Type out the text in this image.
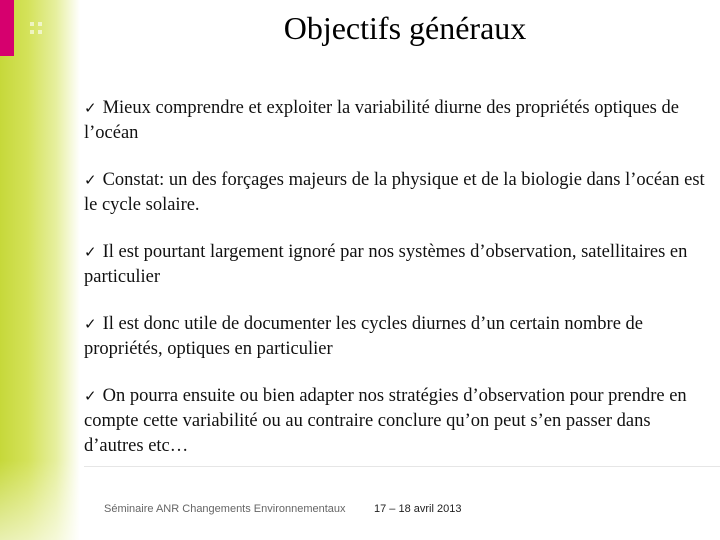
Objectifs généraux

✓ Mieux comprendre et exploiter la variabilité diurne des propriétés optiques de l’océan

✓ Constat: un des forçages majeurs de la physique et de la biologie dans l’océan est le cycle solaire.

✓ Il est pourtant largement ignoré par nos systèmes d’observation, satellitaires en particulier

✓ Il est donc utile de documenter les cycles diurnes d’un certain nombre de propriétés, optiques en particulier

✓ On pourra ensuite ou bien adapter nos stratégies d’observation pour prendre en compte cette variabilité ou au contraire conclure qu’on peut s’en passer dans d’autres etc…

Séminaire ANR Changements Environnementaux	17 – 18 avril 2013
